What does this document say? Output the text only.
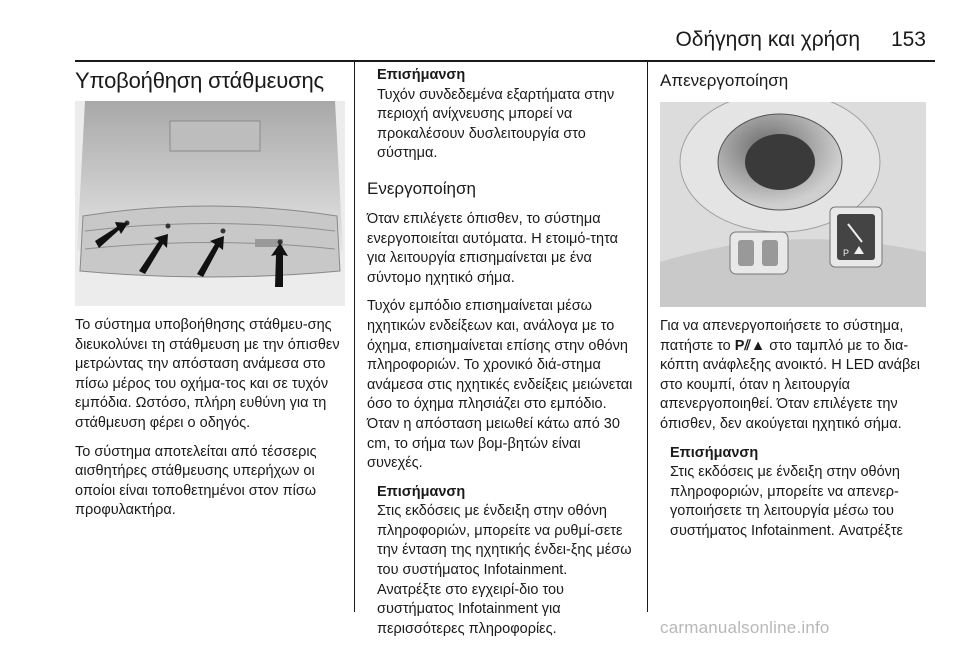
Οδήγηση και χρήση 153
Υποβοήθηση στάθμευσης

Το σύστημα υποβοήθησης στάθμευ-σης διευκολύνει τη στάθμευση με την όπισθεν μετρώντας την απόσταση ανάμεσα στο πίσω μέρος του οχήμα-τος και σε τυχόν εμπόδια. Ωστόσο, πλήρη ευθύνη για τη στάθμευση φέρει ο οδηγός.

Το σύστημα αποτελείται από τέσσερις αισθητήρες στάθμευσης υπερήχων οι οποίοι είναι τοποθετημένοι στον πίσω προφυλακτήρα.

Επισήμανση

Τυχόν συνδεδεμένα εξαρτήματα στην περιοχή ανίχνευσης μπορεί να προκαλέσουν δυσλειτουργία στο σύστημα.

Ενεργοποίηση

Όταν επιλέγετε όπισθεν, το σύστημα ενεργοποιείται αυτόματα. Η ετοιμό-τητα για λειτουργία επισημαίνεται με ένα σύντομο ηχητικό σήμα.

Τυχόν εμπόδιο επισημαίνεται μέσω ηχητικών ενδείξεων και, ανάλογα με το όχημα, επισημαίνεται επίσης στην οθόνη πληροφοριών. Το χρονικό διά-στημα ανάμεσα στις ηχητικές ενδείξεις μειώνεται όσο το όχημα πλησιάζει στο εμπόδιο. Όταν η απόσταση μειωθεί κάτω από 30 cm, το σήμα των βομ-βητών είναι συνεχές.

Επισήμανση

Στις εκδόσεις με ένδειξη στην οθόνη πληροφοριών, μπορείτε να ρυθμί-σετε την ένταση της ηχητικής ένδει-ξης μέσω του συστήματος Infotainment. Ανατρέξτε στο εγχειρί-διο του συστήματος Infotainment για περισσότερες πληροφορίες.

Απενεργοποίηση
P

Για να απενεργοποιήσετε το σύστημα, πατήστε το P⫽▲ στο ταμπλό με το δια-κόπτη ανάφλεξης ανοικτό. Η LED ανάβει στο κουμπί, όταν η λειτουργία απενεργοποιηθεί. Όταν επιλέγετε την όπισθεν, δεν ακούγεται ηχητικό σήμα.

Επισήμανση

Στις εκδόσεις με ένδειξη στην οθόνη πληροφοριών, μπορείτε να απενερ-γοποιήσετε τη λειτουργία μέσω του συστήματος Infotainment. Ανατρέξτε

carmanualsonline.info
